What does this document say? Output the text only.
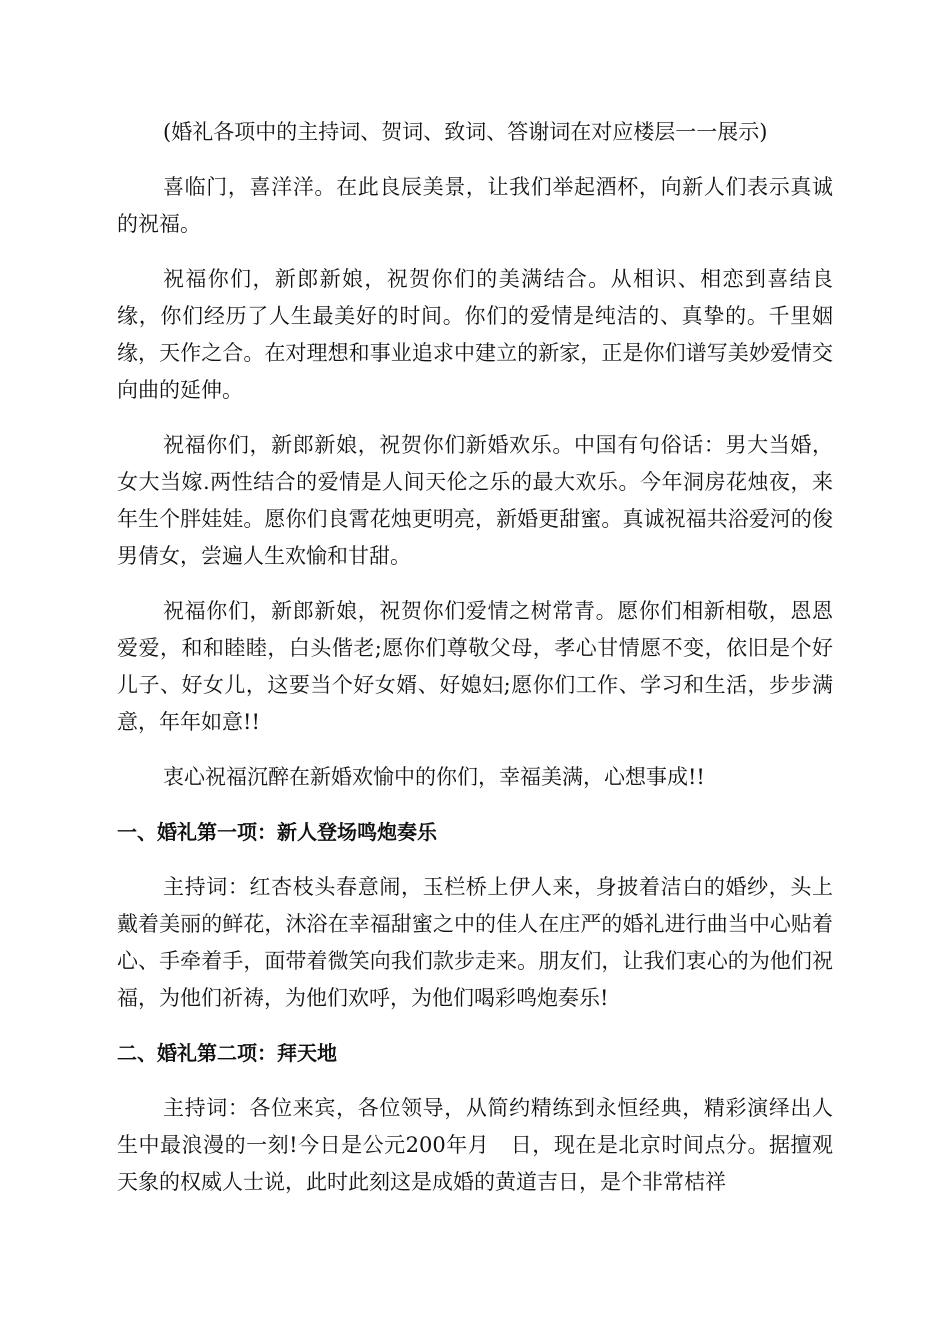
(婚礼各项中的主持词、贺词、致词、答谢词在对应楼层一一展示)

喜临门，喜洋洋。在此良辰美景，让我们举起酒杯，向新人们表示真诚的祝福。

祝福你们，新郎新娘，祝贺你们的美满结合。从相识、相恋到喜结良缘，你们经历了人生最美好的时间。你们的爱情是纯洁的、真挚的。千里姻缘，天作之合。在对理想和事业追求中建立的新家，正是你们谱写美妙爱情交向曲的延伸。

祝福你们，新郎新娘，祝贺你们新婚欢乐。中国有句俗话：男大当婚，女大当嫁.两性结合的爱情是人间天伦之乐的最大欢乐。今年洞房花烛夜，来年生个胖娃娃。愿你们良霄花烛更明亮，新婚更甜蜜。真诚祝福共浴爱河的俊男倩女，尝遍人生欢愉和甘甜。

祝福你们，新郎新娘，祝贺你们爱情之树常青。愿你们相新相敬，恩恩爱爱，和和睦睦，白头偕老;愿你们尊敬父母，孝心甘情愿不变，依旧是个好儿子、好女儿，这要当个好女婿、好媳妇;愿你们工作、学习和生活，步步满意，年年如意!!

衷心祝福沉醉在新婚欢愉中的你们，幸福美满，心想事成!!

一、婚礼第一项：新人登场鸣炮奏乐

主持词：红杏枝头春意闹，玉栏桥上伊人来，身披着洁白的婚纱，头上戴着美丽的鲜花，沐浴在幸福甜蜜之中的佳人在庄严的婚礼进行曲当中心贴着心、手牵着手，面带着微笑向我们款步走来。朋友们，让我们衷心的为他们祝福，为他们祈祷，为他们欢呼，为他们喝彩鸣炮奏乐!

二、婚礼第二项：拜天地

主持词：各位来宾，各位领导，从简约精练到永恒经典，精彩演绎出人生中最浪漫的一刻!今日是公元200年月　日，现在是北京时间点分。据擅观天象的权威人士说，此时此刻这是成婚的黄道吉日，是个非常桔祥
